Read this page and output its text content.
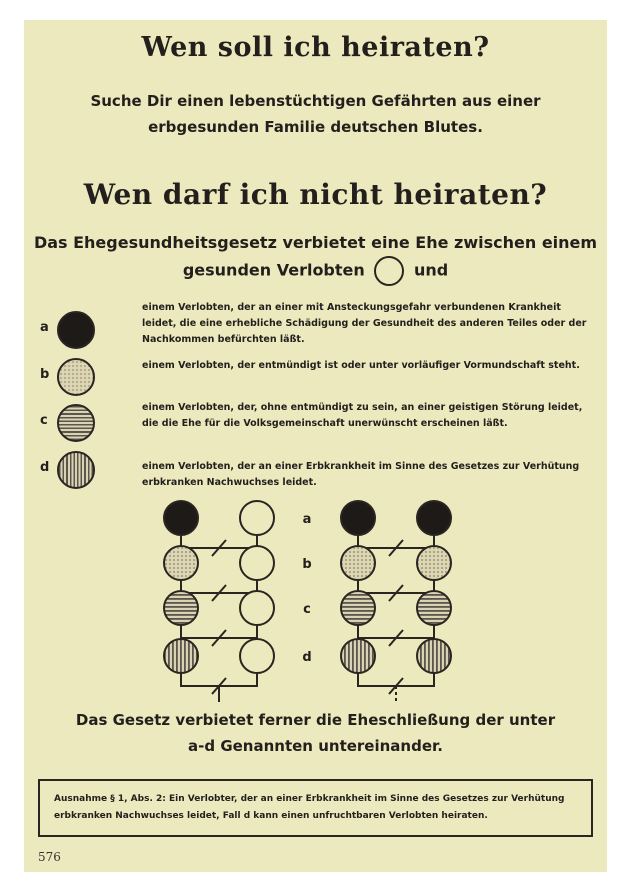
Wen soll ich heiraten?
Suche Dir einen lebenstüchtigen Gefährten aus einer
erbgesunden Familie deutschen Blutes.
Wen darf ich nicht heiraten?
Das Ehegesundheitsgesetz verbietet eine Ehe zwischen einem
gesunden Verlobten	und
a
einem Verlobten, der an einer mit Ansteckungsgefahr verbundenen Krankheit leidet, die eine erhebliche Schädigung der Gesundheit des anderen Teiles oder der Nachkommen befürchten läßt.
b
einem Verlobten, der entmündigt ist oder unter vorläufiger Vormundschaft steht.
c
einem Verlobten, der, ohne entmündigt zu sein, an einer geistigen Störung leidet, die die Ehe für die Volksgemeinschaft unerwünscht erscheinen läßt.
d	einem Verlobten, der an einer Erbkrankheit im Sinne des Gesetzes zur Verhütung erbkranken Nachwuchses leidet.
a
b
c
d
Das Gesetz verbietet ferner die Eheschließung der unter
a-d Genannten untereinander.
Ausnahme § 1, Abs. 2: Ein Verlobter, der an einer Erbkrankheit im Sinne des Gesetzes zur Verhütung erbkranken Nachwuchses leidet, Fall d kann einen unfruchtbaren Verlobten heiraten.
576
